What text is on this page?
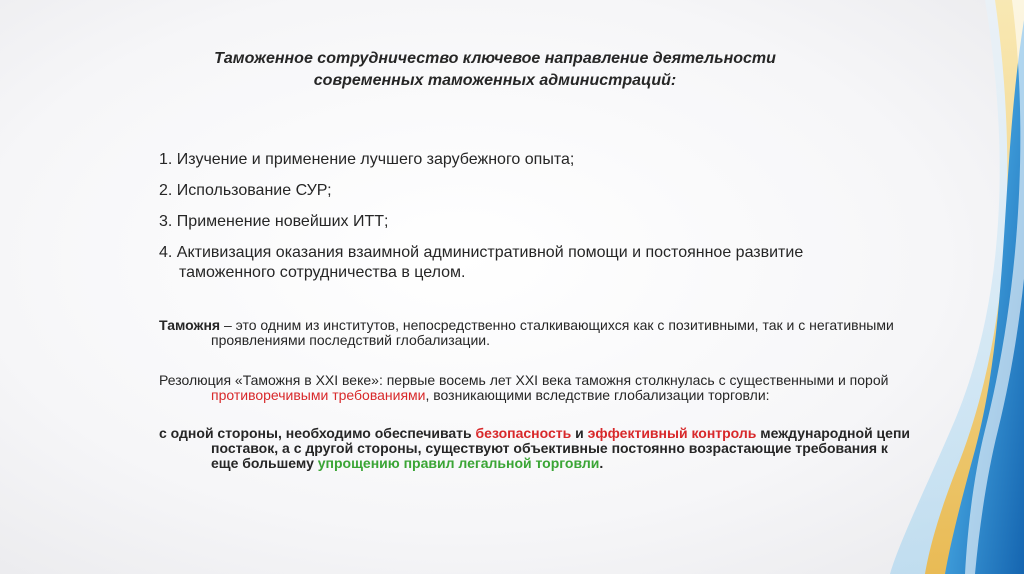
Таможенное сотрудничество ключевое направление деятельности
современных таможенных администраций:
1. Изучение и применение лучшего зарубежного опыта;
2. Использование СУР;
3. Применение новейших ИТТ;
4. Активизация оказания взаимной административной помощи и постоянное развитие таможенного сотрудничества в целом.
Таможня – это одним из институтов, непосредственно сталкивающихся как с позитивными, так и с негативными проявлениями последствий глобализации.
Резолюция «Таможня в XXI веке»: первые восемь лет XXI века таможня столкнулась с существенными и порой противоречивыми требованиями, возникающими вследствие глобализации торговли:
с одной стороны, необходимо обеспечивать безопасность и эффективный контроль международной цепи поставок, а с другой стороны, существуют объективные постоянно возрастающие требования к еще большему упрощению правил легальной торговли.
